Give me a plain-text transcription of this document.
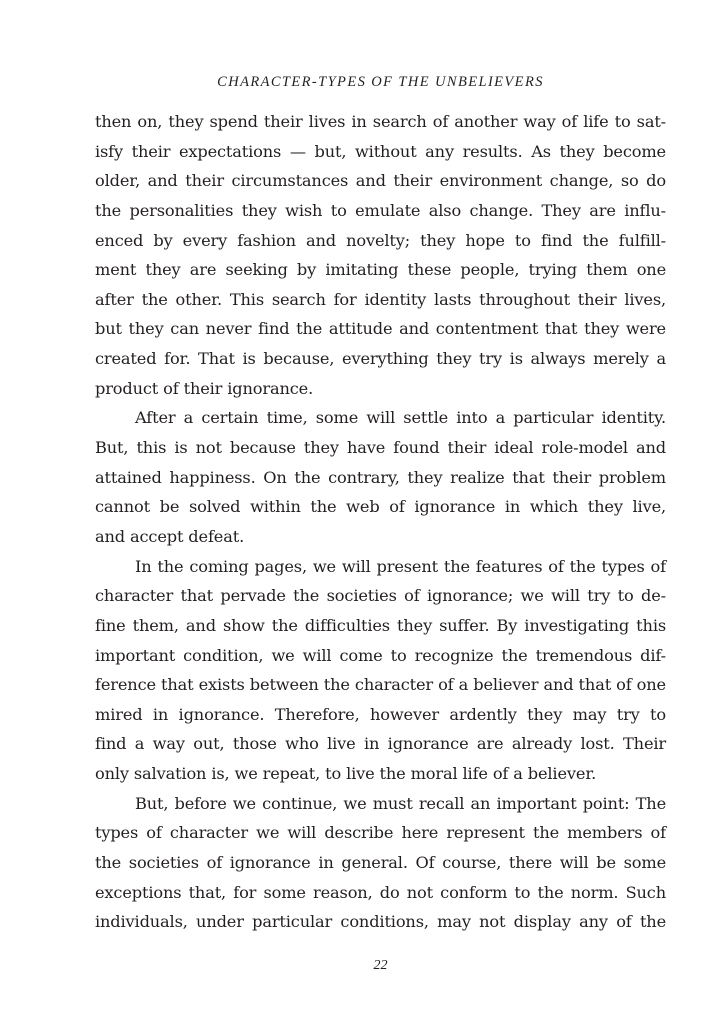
CHARACTER-TYPES OF THE UNBELIEVERS
then on, they spend their lives in search of another way of life to sat-
isfy their expectations — but, without any results. As they become
older, and their circumstances and their environment change, so do
the personalities they wish to emulate also change. They are influ-
enced by every fashion and novelty; they hope to find the fulfill-
ment they are seeking by imitating these people, trying them one
after the other. This search for identity lasts throughout their lives,
but they can never find the attitude and contentment that they were
created for. That is because, everything they try is always merely a
product of their ignorance.
After a certain time, some will settle into a particular identity.
But, this is not because they have found their ideal role-model and
attained happiness. On the contrary, they realize that their problem
cannot be solved within the web of ignorance in which they live,
and accept defeat.
In the coming pages, we will present the features of the types of
character that pervade the societies of ignorance; we will try to de-
fine them, and show the difficulties they suffer. By investigating this
important condition, we will come to recognize the tremendous dif-
ference that exists between the character of a believer and that of one
mired in ignorance. Therefore, however ardently they may try to
find a way out, those who live in ignorance are already lost. Their
only salvation is, we repeat, to live the moral life of a believer.
But, before we continue, we must recall an important point: The
types of character we will describe here represent the members of
the societies of ignorance in general. Of course, there will be some
exceptions that, for some reason, do not conform to the norm. Such
individuals, under particular conditions, may not display any of the
22
